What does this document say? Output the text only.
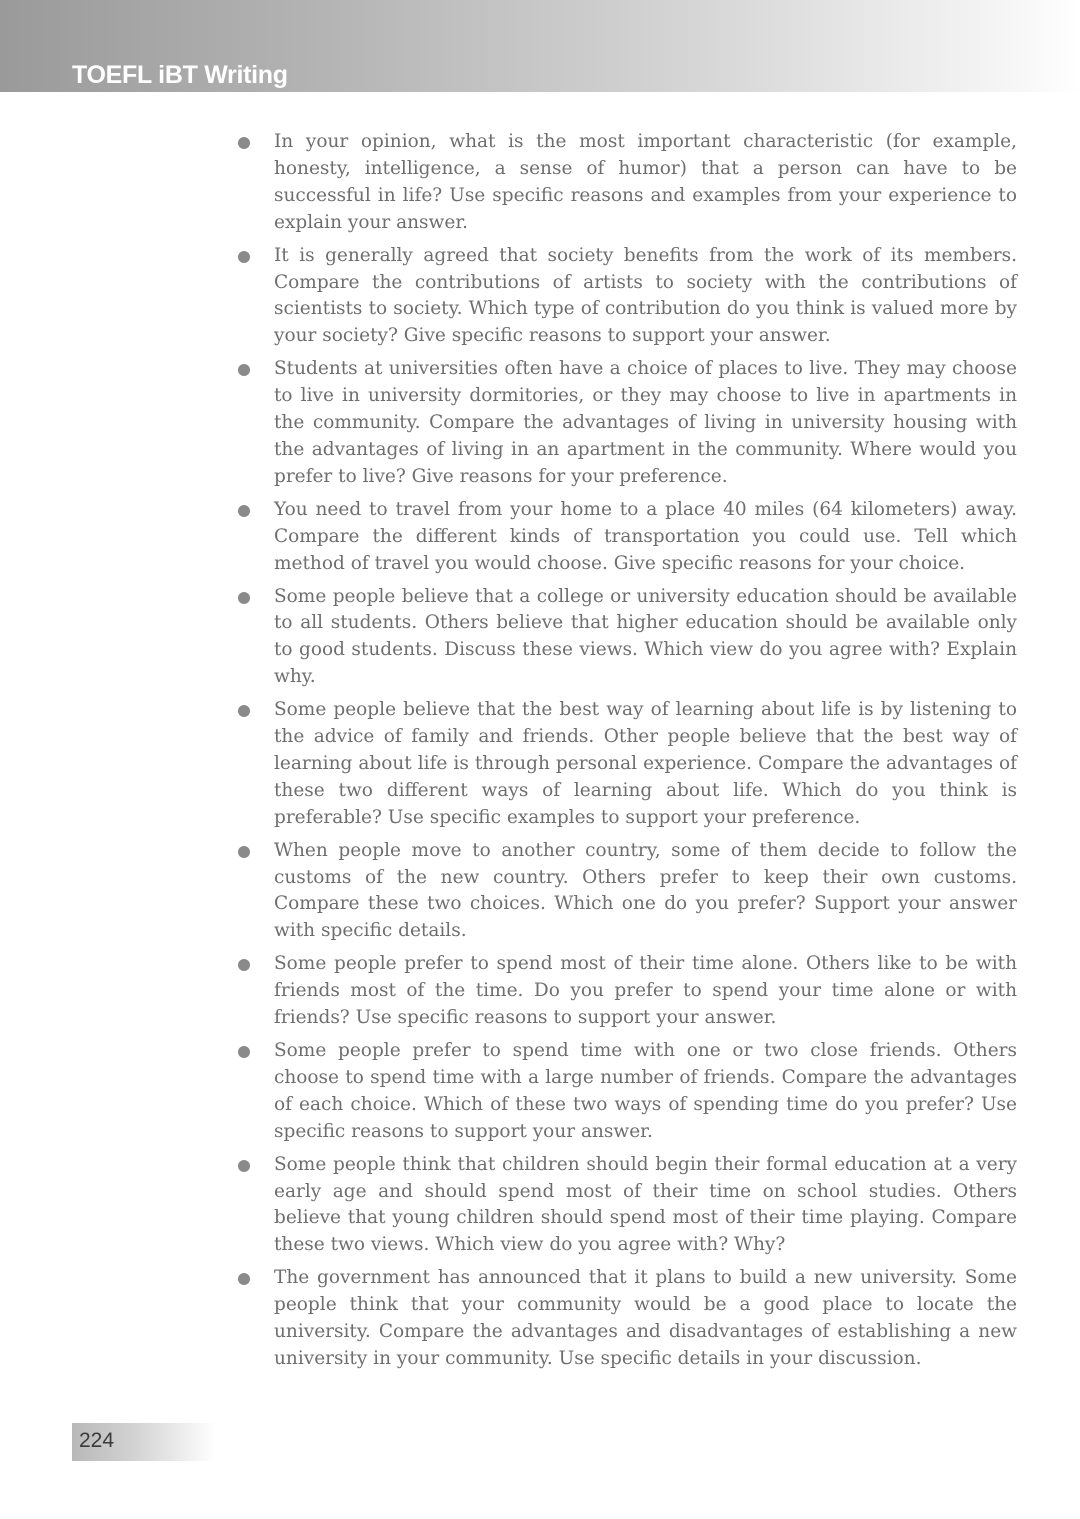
TOEFL iBT Writing
In your opinion, what is the most important characteristic (for example, honesty, intelligence, a sense of humor) that a person can have to be successful in life? Use specific reasons and examples from your experience to explain your answer.
It is generally agreed that society benefits from the work of its members. Compare the contributions of artists to society with the contributions of scientists to society. Which type of contribution do you think is valued more by your society? Give specific reasons to support your answer.
Students at universities often have a choice of places to live. They may choose to live in university dormitories, or they may choose to live in apartments in the community. Compare the advantages of living in university housing with the advantages of living in an apartment in the community. Where would you prefer to live? Give reasons for your preference.
You need to travel from your home to a place 40 miles (64 kilometers) away. Compare the different kinds of transportation you could use. Tell which method of travel you would choose. Give specific reasons for your choice.
Some people believe that a college or university education should be available to all students. Others believe that higher education should be available only to good students. Discuss these views. Which view do you agree with? Explain why.
Some people believe that the best way of learning about life is by listening to the advice of family and friends. Other people believe that the best way of learning about life is through personal experience. Compare the advantages of these two different ways of learning about life. Which do you think is preferable? Use specific examples to support your preference.
When people move to another country, some of them decide to follow the customs of the new country. Others prefer to keep their own customs. Compare these two choices. Which one do you prefer? Support your answer with specific details.
Some people prefer to spend most of their time alone. Others like to be with friends most of the time. Do you prefer to spend your time alone or with friends? Use specific reasons to support your answer.
Some people prefer to spend time with one or two close friends. Others choose to spend time with a large number of friends. Compare the advantages of each choice. Which of these two ways of spending time do you prefer? Use specific reasons to support your answer.
Some people think that children should begin their formal education at a very early age and should spend most of their time on school studies. Others believe that young children should spend most of their time playing. Compare these two views. Which view do you agree with? Why?
The government has announced that it plans to build a new university. Some people think that your community would be a good place to locate the university. Compare the advantages and disadvantages of establishing a new university in your community. Use specific details in your discussion.
224
